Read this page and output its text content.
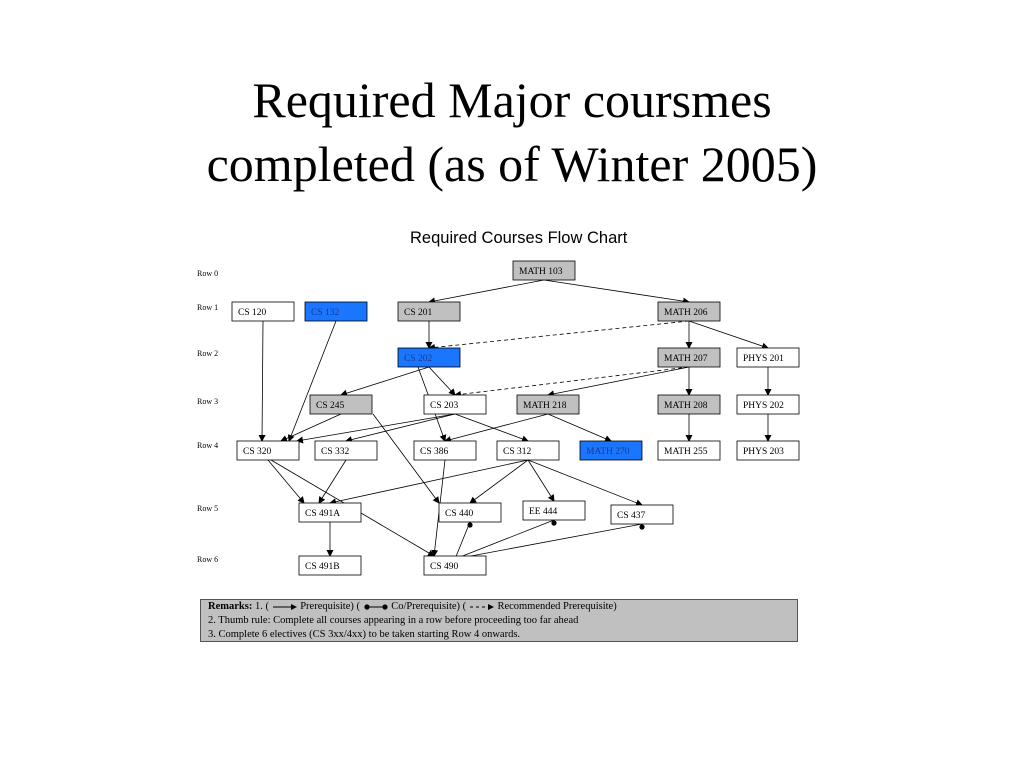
Required Major coursmes
completed (as of Winter 2005)
Required Courses Flow Chart
Row 0
Row 1
Row 2
Row 3
Row 4
Row 5
Row 6
MATH 103
CS 120	CS 132	CS 201	MATH 206
CS 202	MATH 207	PHYS 201
CS 245	CS 203	MATH 218	MATH 208	PHYS 202
CS 320	CS 332	CS 386	CS 312	MATH 270	MATH 255	PHYS 203
CS 491A	CS 440	EE 444	CS 437
CS 491B	CS 490
Remarks: 1. (	Prerequisite) (	Co/Prerequisite) (	Recommended Prerequisite)
2. Thumb rule: Complete all courses appearing in a row before proceeding too far ahead
3. Complete 6 electives (CS 3xx/4xx) to be taken starting Row 4 onwards.
